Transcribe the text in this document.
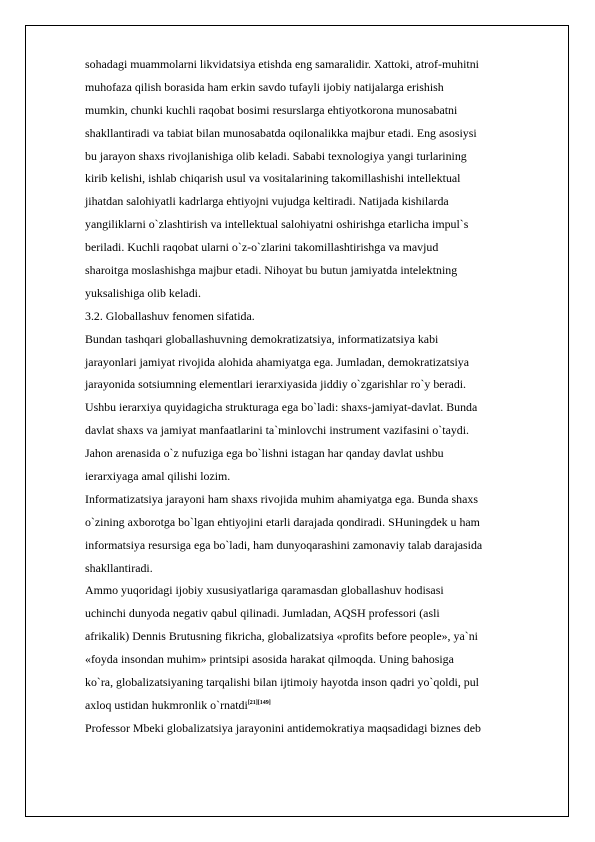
sohadagi muammolarni likvidatsiya etishda eng samaralidir. Xattoki, atrof-muhitni
muhofaza qilish borasida ham erkin savdo tufayli ijobiy natijalarga erishish
mumkin, chunki kuchli raqobat bosimi resurslarga ehtiyotkorona munosabatni
shakllantiradi va tabiat bilan munosabatda oqilonalikka majbur etadi. Eng asosiysi
bu jarayon shaxs rivojlanishiga olib keladi. Sababi texnologiya yangi turlarining
kirib kelishi, ishlab chiqarish usul va vositalarining takomillashishi intellektual
jihatdan salohiyatli kadrlarga ehtiyojni vujudga keltiradi. Natijada kishilarda
yangiliklarni o`zlashtirish va intellektual salohiyatni oshirishga etarlicha impul`s
beriladi. Kuchli raqobat ularni o`z-o`zlarini takomillashtirishga va mavjud
sharoitga moslashishga majbur etadi. Nihoyat bu butun jamiyatda intelektning
yuksalishiga olib keladi.
3.2. Globallashuv fenomen sifatida.
Bundan tashqari globallashuvning demokratizatsiya, informatizatsiya kabi
jarayonlari jamiyat rivojida alohida ahamiyatga ega. Jumladan, demokratizatsiya
jarayonida sotsiumning elementlari ierarxiyasida jiddiy o`zgarishlar ro`y beradi.
Ushbu ierarxiya quyidagicha strukturaga ega bo`ladi: shaxs-jamiyat-davlat. Bunda
davlat shaxs va jamiyat manfaatlarini ta`minlovchi instrument vazifasini o`taydi.
Jahon arenasida o`z nufuziga ega bo`lishni istagan har qanday davlat ushbu
ierarxiyaga amal qilishi lozim.
Informatizatsiya jarayoni ham shaxs rivojida muhim ahamiyatga ega. Bunda shaxs
o`zining axborotga bo`lgan ehtiyojini etarli darajada qondiradi. SHuningdek u ham
informatsiya resursiga ega bo`ladi, ham dunyoqarashini zamonaviy talab darajasida
shakllantiradi.
Ammo yuqoridagi ijobiy xususiyatlariga qaramasdan globallashuv hodisasi
uchinchi dunyoda negativ qabul qilinadi. Jumladan, AQSH professori (asli
afrikalik) Dennis Brutusning fikricha, globalizatsiya «profits before people», ya`ni
«foyda insondan muhim» printsipi asosida harakat qilmoqda. Uning bahosiga
ko`ra, globalizatsiyaning tarqalishi bilan ijtimoiy hayotda inson qadri yo`qoldi, pul
axloq ustidan hukmronlik o`rnatdi[21][149]
Professor Mbeki globalizatsiya jarayonini antidemokratiya maqsadidagi biznes deb
